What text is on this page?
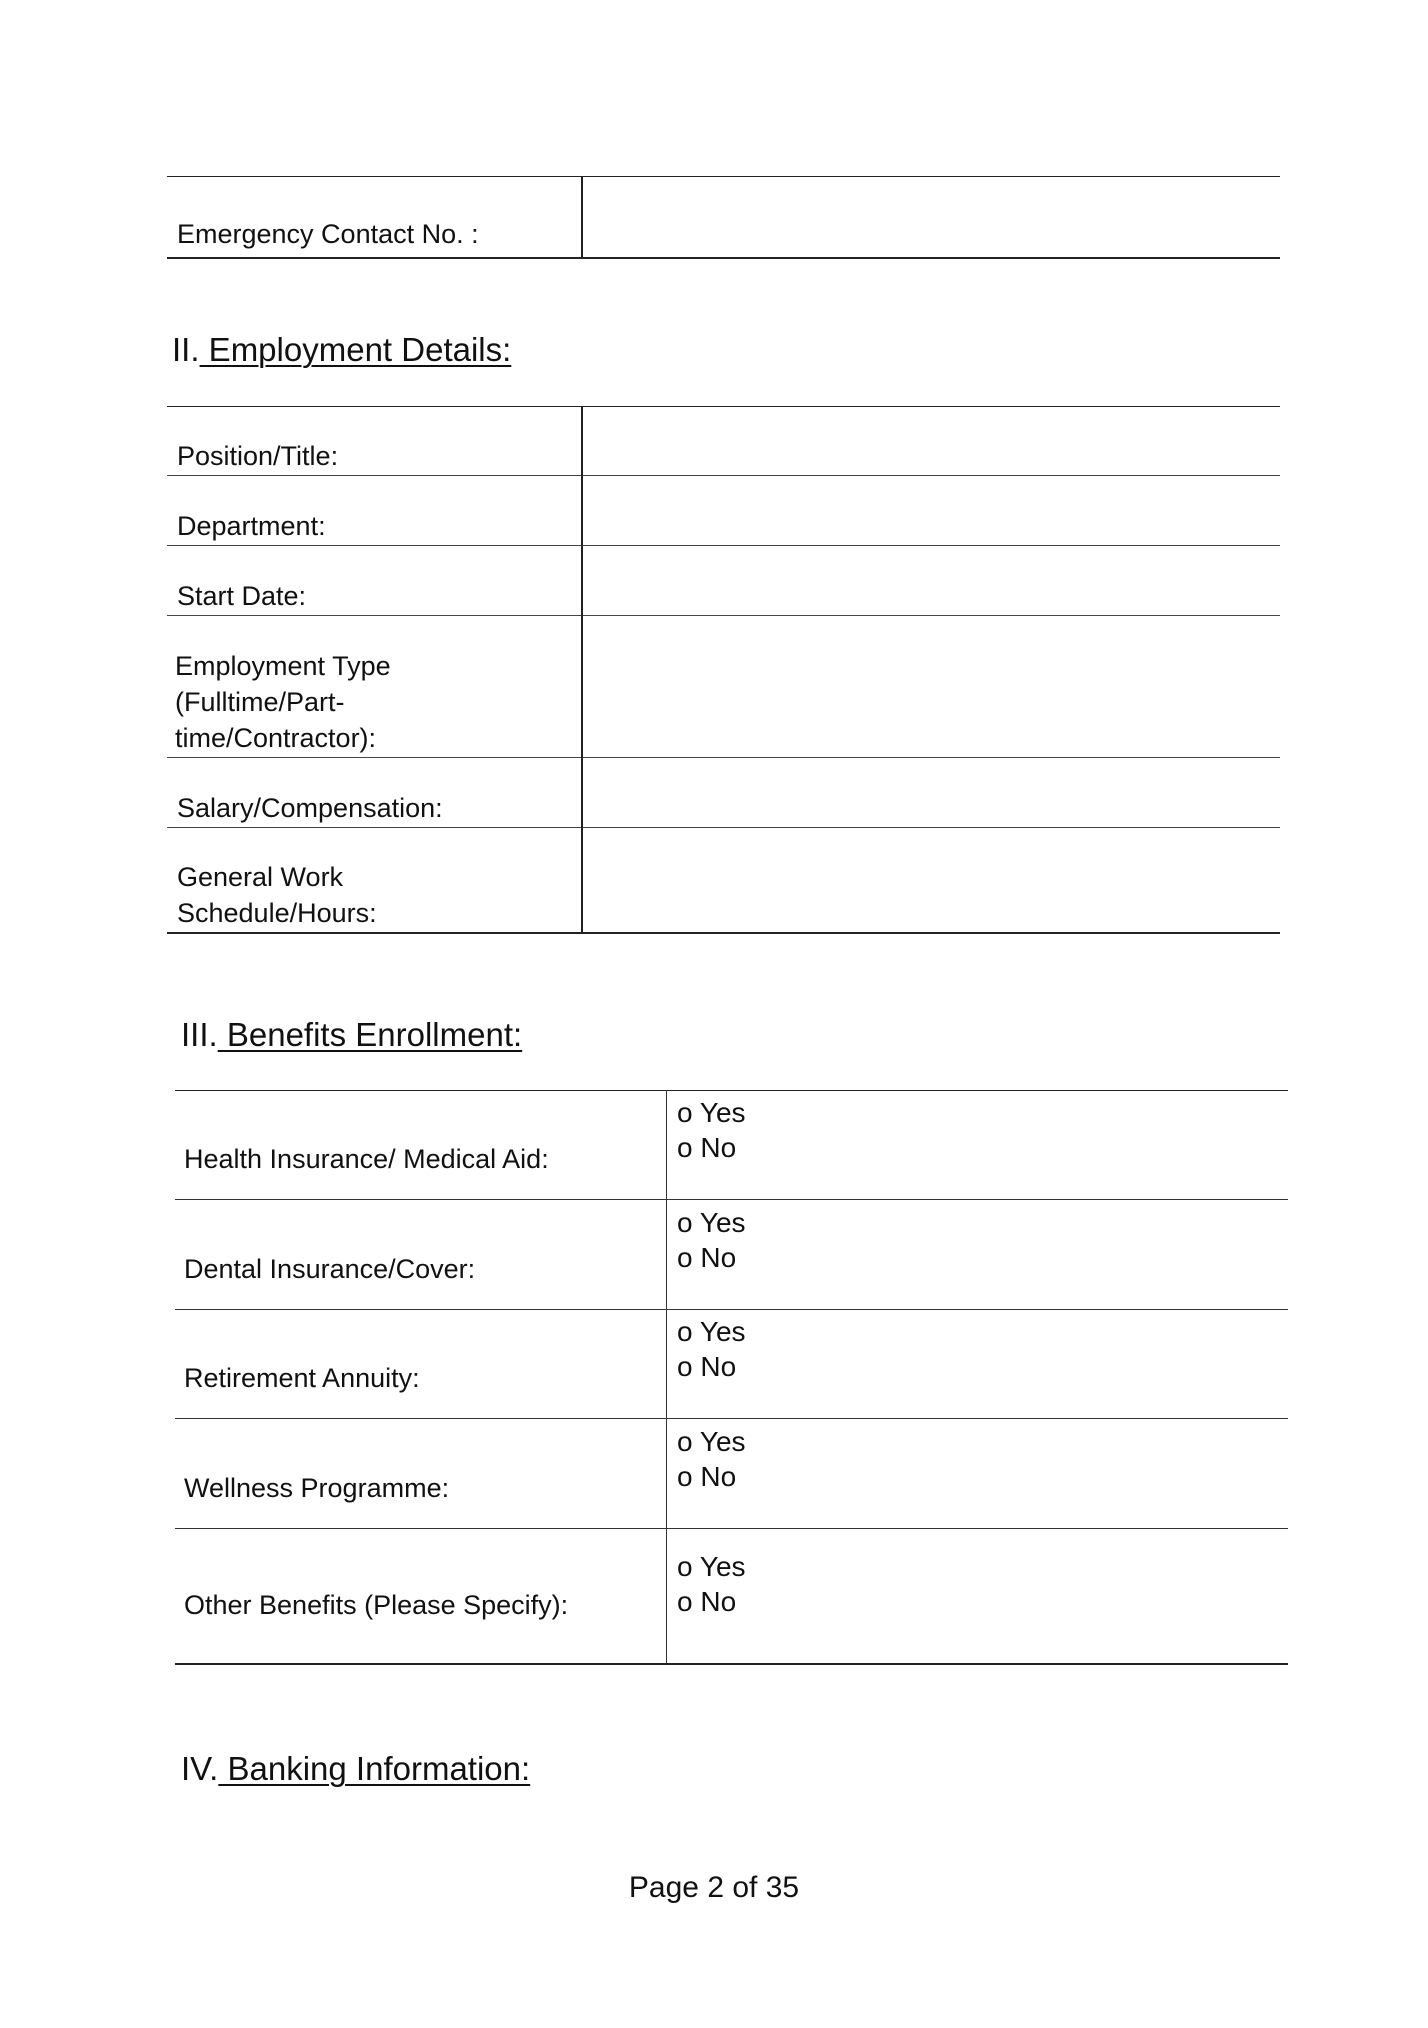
Emergency Contact No. :

II. Employment Details:
Position/Title:	

Department:	

Start Date:	

Employment Type (Fulltime/Part-time/Contractor):	

Salary/Compensation:	

General Work Schedule/Hours:	

III. Benefits Enrollment:
Health Insurance/ Medical Aid:	o Yes
o No

Dental Insurance/Cover:	o Yes
o No

Retirement Annuity:	o Yes
o No

Wellness Programme:	o Yes
o No

Other Benefits (Please Specify):	o Yes
o No
IV. Banking Information:
Page 2 of 35
